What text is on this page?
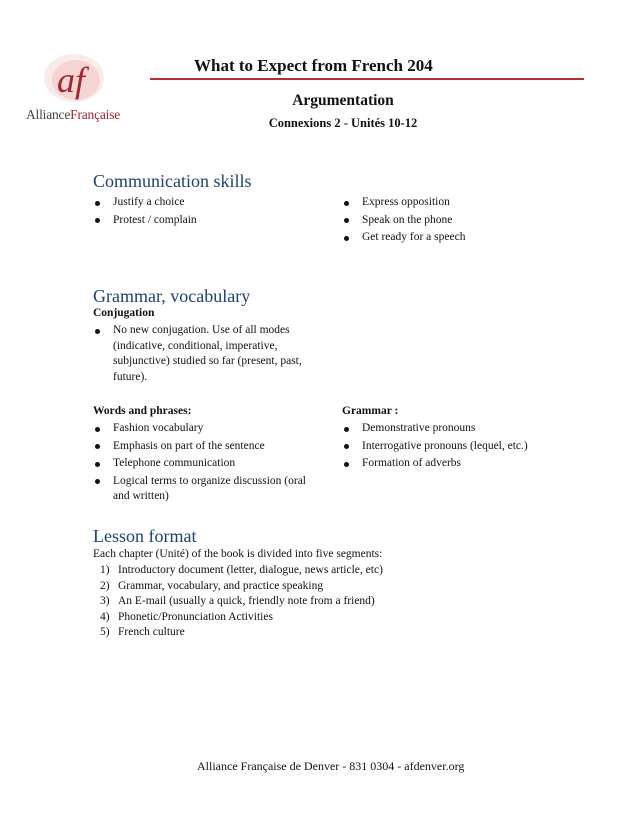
af
AllianceFrançaise
What to Expect from French 204
Argumentation
Connexions 2 - Unités 10-12
Communication skills
Justify a choice
Protest / complain
Express opposition
Speak on the phone
Get ready for a speech
Grammar, vocabulary
Conjugation
No new conjugation. Use of all modes (indicative, conditional, imperative, subjunctive) studied so far (present, past, future).
Words and phrases:
Fashion vocabulary
Emphasis on part of the sentence
Telephone communication
Logical terms to organize discussion (oral and written)
Grammar :
Demonstrative pronouns
Interrogative pronouns (lequel, etc.)
Formation of adverbs
Lesson format
Each chapter (Unité) of the book is divided into five segments:
1) Introductory document (letter, dialogue, news article, etc)
2) Grammar, vocabulary, and practice speaking
3) An E-mail (usually a quick, friendly note from a friend)
4) Phonetic/Pronunciation Activities
5) French culture
Alliance Française de Denver - 831 0304 - afdenver.org
